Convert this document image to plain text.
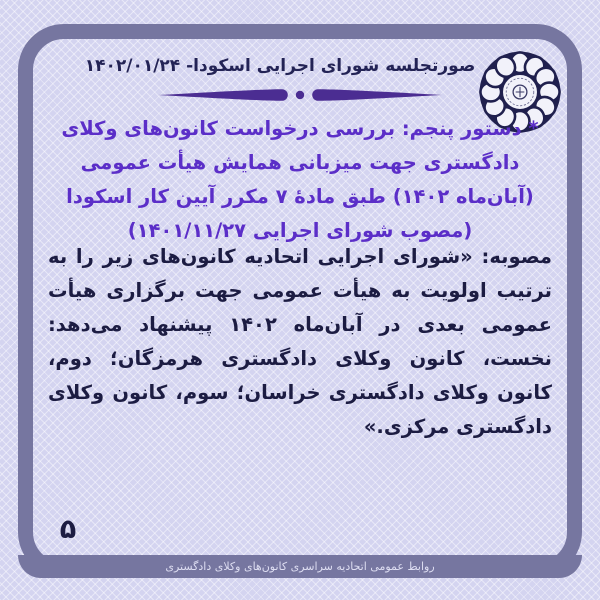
صورتجلسه شورای اجرایی اسکودا- ۱۴۰۲/۰۱/۲۴
* دستور پنجم: بررسی درخواست کانون‌های وکلای دادگستری جهت میزبانی همایش هیأت عمومی (آبان‌ماه ۱۴۰۲) طبق مادهٔ ۷ مکرر آیین کار اسکودا (مصوب شورای اجرایی ۱۴۰۱/۱۱/۲۷)
مصوبه: «شورای اجرایی اتحادیه کانون‌های زیر را به ترتیب اولویت به هیأت عمومی جهت برگزاری هیأت عمومی بعدی در آبان‌ماه ۱۴۰۲ پیشنهاد می‌دهد: نخست، کانون وکلای دادگستری هرمزگان؛ دوم، کانون وکلای دادگستری خراسان؛ سوم، کانون وکلای دادگستری مرکزی.»
۵
روابط عمومی اتحادیه سراسری کانون‌های وکلای دادگستری
